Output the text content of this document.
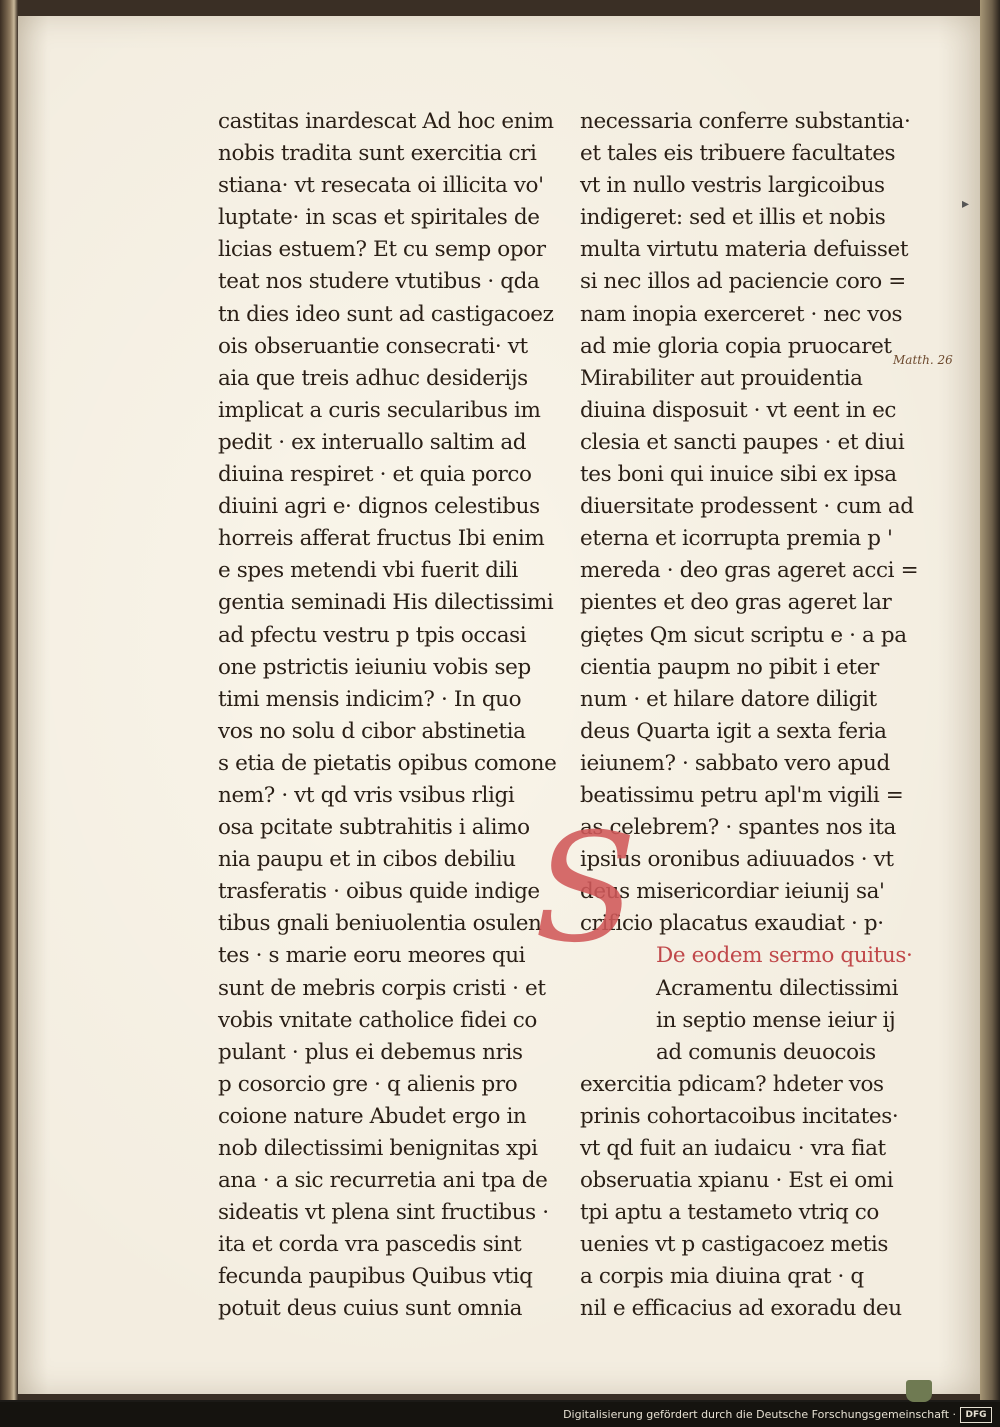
castitas inardescat Ad hoc enim
nobis tradita sunt exercitia cri
stiana· vt resecata oi illicita vo'
luptate· in scas et spiritales de
licias estuem? Et cu semp opor
teat nos studere vtutibus · qda
tn dies ideo sunt ad castigacoez
ois obseruantie consecrati· vt
aia que treis adhuc desiderijs
implicat a curis secularibus im
pedit · ex interuallo saltim ad
diuina respiret · et quia porco
diuini agri e· dignos celestibus
horreis afferat fructus Ibi enim
e spes metendi vbi fuerit dili
gentia seminadi His dilectissimi
ad pfectu vestru p tpis occasi
one pstrictis ieiuniu vobis sep
timi mensis indicim? · In quo
vos no solu d cibor abstinetia
s etia de pietatis opibus comone
nem? · vt qd vris vsibus rligi
osa pcitate subtrahitis i alimo
nia paupu et in cibos debiliu
trasferatis · oibus quide indige
tibus gnali beniuolentia osulen
tes · s marie eoru meores qui
sunt de mebris corpis cristi · et
vobis vnitate catholice fidei co
pulant · plus ei debemus nris
p cosorcio gre · q alienis pro
coione nature Abudet ergo in
nob dilectissimi benignitas xpi
ana · a sic recurretia ani tpa de
sideatis vt plena sint fructibus ·
ita et corda vra pascedis sint
fecunda paupibus Quibus vtiq
potuit deus cuius sunt omnia
necessaria conferre substantia·
et tales eis tribuere facultates
vt in nullo vestris largicoibus
indigeret: sed et illis et nobis
multa virtutu materia defuisset
si nec illos ad paciencie coro =
nam inopia exerceret · nec vos
ad mie gloria copia pruocaret
Mirabiliter aut prouidentia
diuina disposuit · vt eent in ec
clesia et sancti paupes · et diui
tes boni qui inuice sibi ex ipsa
diuersitate prodessent · cum ad
eterna et icorrupta premia p '
mereda · deo gras ageret acci =
pientes et deo gras ageret lar
giętes Qm sicut scriptu e · a pa
cientia paupm no pibit i eter
num · et hilare datore diligit
deus Quarta igit a sexta feria
ieiunem? · sabbato vero apud
beatissimu petru apl'm vigili =
as celebrem? · spantes nos ita
ipsius oronibus adiuuados · vt
deus misericordiar ieiunij sa'
crificio placatus exaudiat · p·
De eodem sermo quitus·
Acramentu dilectissimi
in septio mense ieiur ij
ad comunis deuocois
exercitia pdicam? hdeter vos
prinis cohortacoibus incitates·
vt qd fuit an iudaicu · vra fiat
obseruatia xpianu · Est ei omi
tpi aptu a testameto vtriq co
uenies vt p castigacoez metis
a corpis mia diuina qrat · q
nil e efficacius ad exoradu deu
S
Matth. 26
▸
Digitalisierung gefördert durch die Deutsche Forschungsgemeinschaft ·	DFG
